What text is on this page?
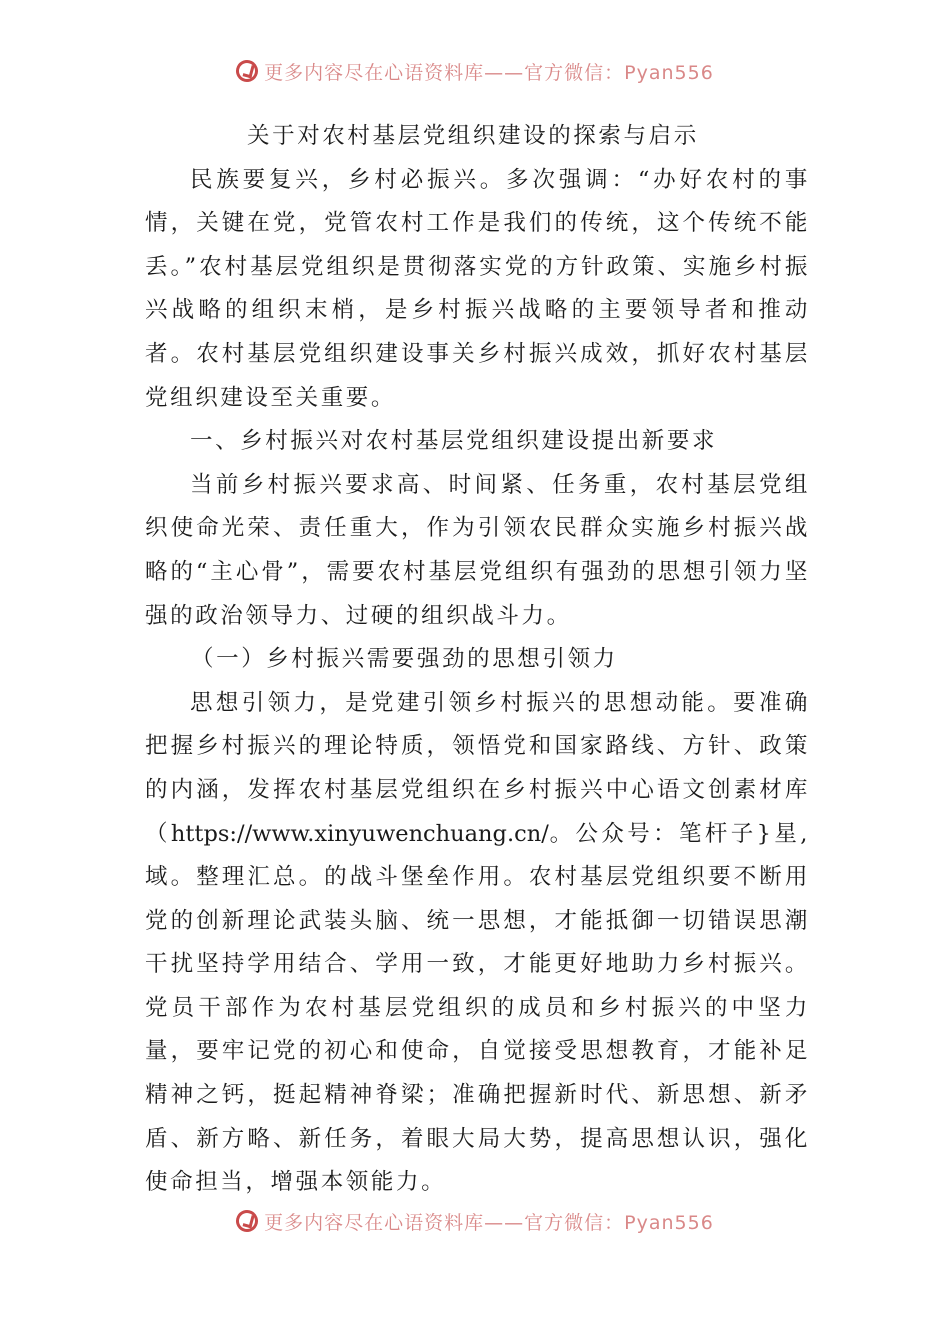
更多内容尽在心语资料库——官方微信：Pyan556

关于对农村基层党组织建设的探索与启示

民族要复兴，乡村必振兴。多次强调：“办好农村的事情，关键在党，党管农村工作是我们的传统，这个传统不能丢。”农村基层党组织是贯彻落实党的方针政策、实施乡村振兴战略的组织末梢，是乡村振兴战略的主要领导者和推动者。农村基层党组织建设事关乡村振兴成效，抓好农村基层党组织建设至关重要。

一、乡村振兴对农村基层党组织建设提出新要求

当前乡村振兴要求高、时间紧、任务重，农村基层党组织使命光荣、责任重大，作为引领农民群众实施乡村振兴战略的“主心骨”，需要农村基层党组织有强劲的思想引领力坚强的政治领导力、过硬的组织战斗力。

（一）乡村振兴需要强劲的思想引领力

思想引领力，是党建引领乡村振兴的思想动能。要准确把握乡村振兴的理论特质，领悟党和国家路线、方针、政策的内涵，发挥农村基层党组织在乡村振兴中心语文创素材库（https://www.xinyuwenchuang.cn/。公众号：笔杆子}星,域。整理汇总。的战斗堡垒作用。农村基层党组织要不断用党的创新理论武装头脑、统一思想，才能抵御一切错误思潮干扰坚持学用结合、学用一致，才能更好地助力乡村振兴。党员干部作为农村基层党组织的成员和乡村振兴的中坚力量，要牢记党的初心和使命，自觉接受思想教育，才能补足精神之钙，挺起精神脊梁；准确把握新时代、新思想、新矛盾、新方略、新任务，着眼大局大势，提高思想认识，强化使命担当，增强本领能力。

更多内容尽在心语资料库——官方微信：Pyan556
